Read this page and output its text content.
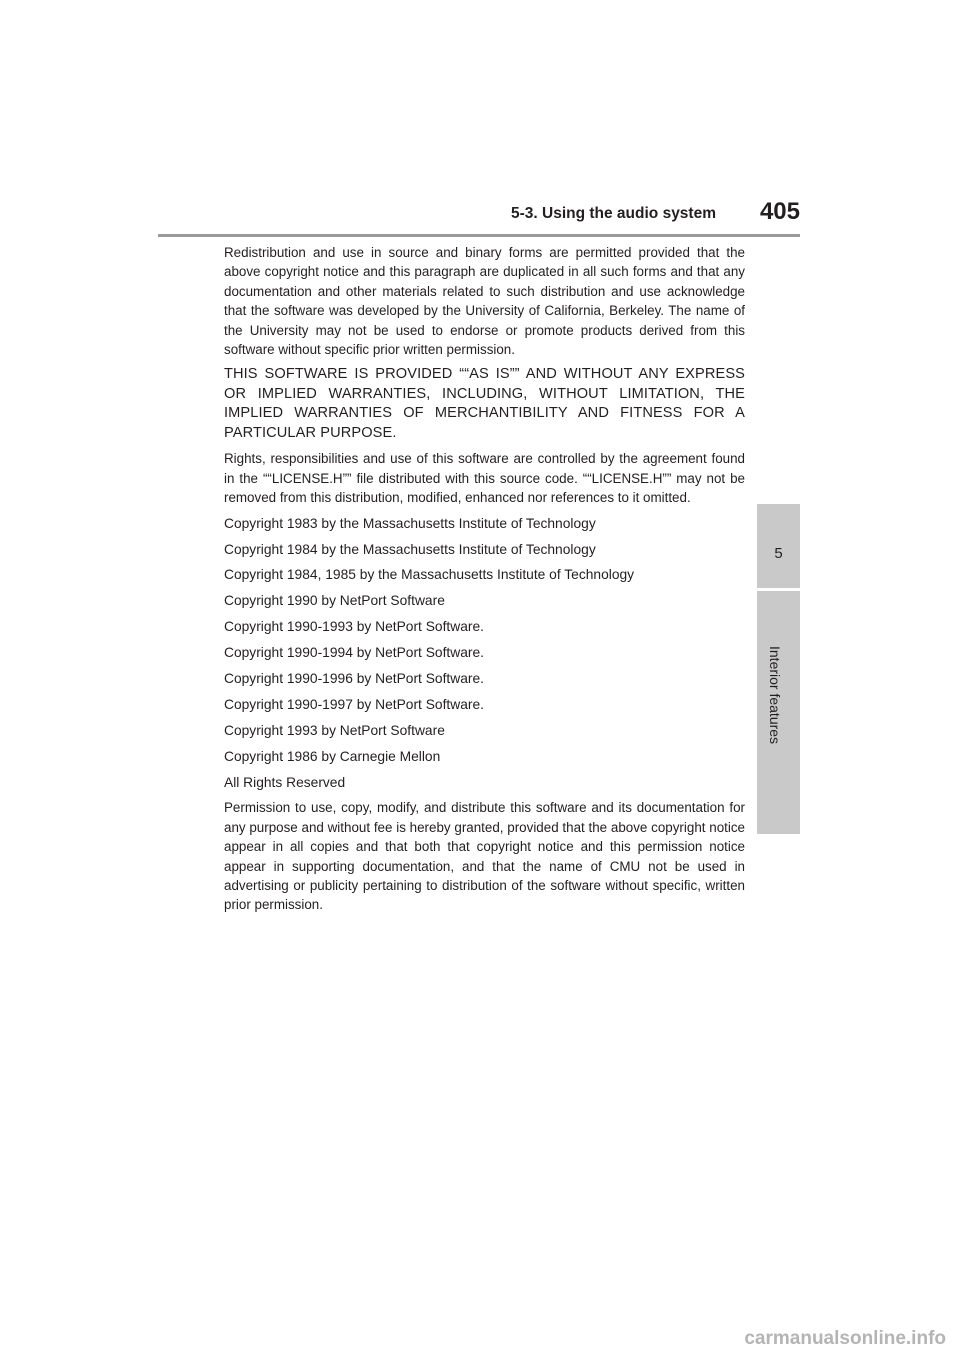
5-3. Using the audio system 405
5
Interior features

Redistribution and use in source and binary forms are permitted provided that the above copyright notice and this paragraph are duplicated in all such forms and that any documentation and other materials related to such distribution and use acknowledge that the software was developed by the University of California, Berkeley. The name of the University may not be used to endorse or promote products derived from this software without specific prior written permission.

THIS SOFTWARE IS PROVIDED ““AS IS”” AND WITHOUT ANY EXPRESS OR IMPLIED WARRANTIES, INCLUDING, WITHOUT LIMITATION, THE IMPLIED WARRANTIES OF MERCHANTIBILITY AND FITNESS FOR A PARTICULAR PURPOSE.

Rights, responsibilities and use of this software are controlled by the agreement found in the ““LICENSE.H”” file distributed with this source code. ““LICENSE.H”” may not be removed from this distribution, modified, enhanced nor references to it omitted.

Copyright 1983 by the Massachusetts Institute of Technology

Copyright 1984 by the Massachusetts Institute of Technology

Copyright 1984, 1985 by the Massachusetts Institute of Technology

Copyright 1990 by NetPort Software

Copyright 1990-1993 by NetPort Software.

Copyright 1990-1994 by NetPort Software.

Copyright 1990-1996 by NetPort Software.

Copyright 1990-1997 by NetPort Software.

Copyright 1993 by NetPort Software

Copyright 1986 by Carnegie Mellon

All Rights Reserved

Permission to use, copy, modify, and distribute this software and its documentation for any purpose and without fee is hereby granted, provided that the above copyright notice appear in all copies and that both that copyright notice and this permission notice appear in supporting documentation, and that the name of CMU not be used in advertising or publicity pertaining to distribution of the software without specific, written prior permission.

carmanualsonline.info
